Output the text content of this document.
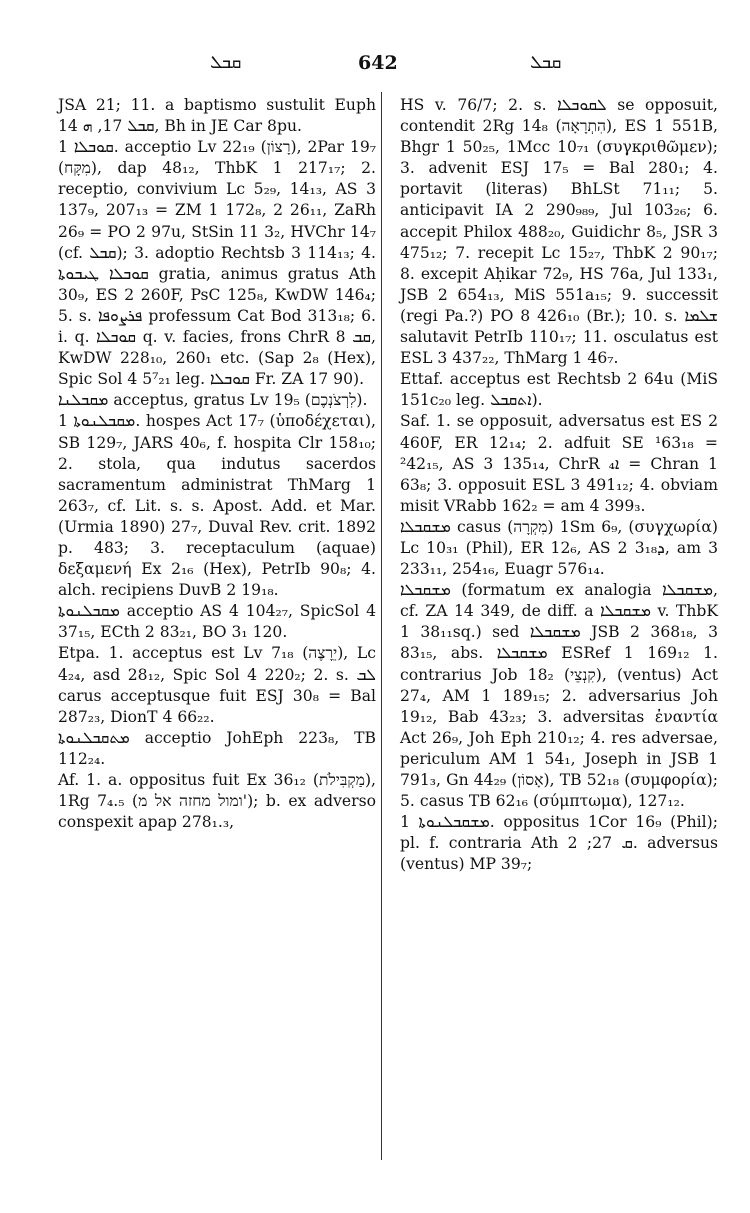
ܩܒܠ	642	ܩܒܠ

JSA 21; 11. a baptismo sustulit Euph ܩܒܠ 17, ܗ 14, Bh in JE Car 8pu.

ܩܘܒܠܐ 1. acceptio Lv 22₁₉ (רָצוֹן), 2Par 19₇ (מִקָּח), dap 48₁₂, ThbK 1 217₁₇; 2. receptio, convivium Lc 5₂₉, 14₁₃, AS 3 137₉, 207₁₃ = ZM 1 172₈, 2 26₁₁, ZaRh 26₉ = PO 2 97u, StSin 11 3₂, HVChr 14₇ (cf. ܩܒܠ); 3. adoptio Rechtsb 3 114₁₃; 4. ܩܘܒܠܐ ܛܝܒܘܬܐ gratia, animus gratus Ath 30₉, ES 2 260F, PsC 125₈, KwDW 146₄; 5. s. ܦܪܨܘܦܐ professum Cat Bod 313₁₈; 6. i. q. ܩܘܒܠܐ q. v. facies, frons ChrR ܩܒ 8, KwDW 228₁₀, 260₁ etc. (Sap 2₈ (Hex), Spic Sol 4 5⁷₂₁ leg. ܩܘܒܠܐ Fr. ZA 17 90).

ܡܩܒܠܢܐ acceptus, gratus Lv 19₅ (לִרְצֹנְכֶם).

ܡܩܒܠܢܘܬܐ 1. hospes Act 17₇ (ὑποδέχεται), SB 129₇, JARS 40₆, f. hospita Clr 158₁₀; 2. stola, qua indutus sacerdos sacramentum administrat ThMarg 1 263₇, cf. Lit. s. s. Apost. Add. et Mar. (Urmia 1890) 27₇, Duval Rev. crit. 1892 p. 483; 3. receptaculum (aquae) δεξαμενή Ex 2₁₆ (Hex), PetrIb 90₈; 4. alch. recipiens DuvB 2 19₁₈.

ܡܩܒܠܢܘܬܐ acceptio AS 4 104₂₇, SpicSol 4 37₁₅, ECth 2 83₂₁, BO 3₁ 120.

Etpa. 1. acceptus est Lv 7₁₈ (יֵרָצֶה), Lc 4₂₄, asd 28₁₂, Spic Sol 4 220₂; 2. s. ܠܒ carus acceptusque fuit ESJ 30₈ = Bal 287₂₃, DionT 4 66₂₂.

ܡܬܩܒܠܢܘܬܐ acceptio JohEph 223₈, TB 112₂₄.

Af. 1. a. oppositus fuit Ex 36₁₂ (מַקְבִּילֹת), 1Rg 7₄.₅ (ומול מחזה אל מ'); b. ex adverso conspexit apap 278₁.₃,

HS v. 76/7; 2. s. ܠܩܘܒܠܐ se opposuit, contendit 2Rg 14₈ (הִתְרָאָה), ES 1 551B, Bhgr 1 50₂₅, 1Mcc 10₇₁ (συγκριθῶμεν); 3. advenit ESJ 17₅ = Bal 280₁; 4. portavit (literas) BhLSt 71₁₁; 5. anticipavit IA 2 290₉₈₉, Jul 103₂₆; 6. accepit Philox 488₂₀, Guidichr 8₅, JSR 3 475₁₂; 7. recepit Lc 15₂₇, ThbK 2 90₁₇; 8. excepit Aḥikar 72₉, HS 76a, Jul 133₁, JSB 2 654₁₃, MiS 551a₁₅; 9. successit (regi Pa.?) PO 8 426₁₀ (Br.); 10. s. ܫܠܡܐ salutavit PetrIb 110₁₇; 11. osculatus est ESL 3 437₂₂, ThMarg 1 46₇.

Ettaf. acceptus est Rechtsb 2 64u (MiS 151c₂₀ leg. ܐܬܩܒܠ).

Saf. 1. se opposuit, adversatus est ES 2 460F, ER 12₁₄; 2. adfuit SE ¹63₁₈ = ²42₁₅, AS 3 135₁₄, ChrR ܐ₄ = Chran 1 63₈; 3. opposuit ESL 3 491₁₂; 4. obviam misit VRabb 162₂ = am 4 399₃.

ܡܫܩܒܠܐ casus (מִקְרָה) 1Sm 6₉, (συγχωρία) Lc 10₃₁ (Phil), ER 12₆, AS 2 ܕ3₁₈, am 3 233₁₁, 254₁₆, Euagr 576₁₄.

ܡܫܩܒܠܐ (formatum ex analogia ܡܫܩܒܠܐ, cf. ZA 14 349, de diff. a ܡܫܩܒܠܐ v. ThbK 1 38₁₁sq.) sed ܡܫܩܒܠܐ JSB 2 368₁₈, 3 83₁₅, abs. ܡܫܩܒܠܐ ESRef 1 169₁₂ 1. contrarius Job 18₂ (קִנְצֵי), (ventus) Act 27₄, AM 1 189₁₅; 2. adversarius Joh 19₁₂, Bab 43₂₃; 3. adversitas ἐναντία Act 26₉, Joh Eph 210₁₂; 4. res adversae, periculum AM 1 54₁, Joseph in JSB 1 791₃, Gn 44₂₉ (אָסוֹן), TB 52₁₈ (συμφορία); 5. casus TB 62₁₆ (σύμπτωμα), 127₁₂.

ܡܫܩܒܠܢܘܬܐ 1. oppositus 1Cor 16₉ (Phil); pl. f. contraria Ath ܩ 27; 2. adversus (ventus) MP 39₇;
